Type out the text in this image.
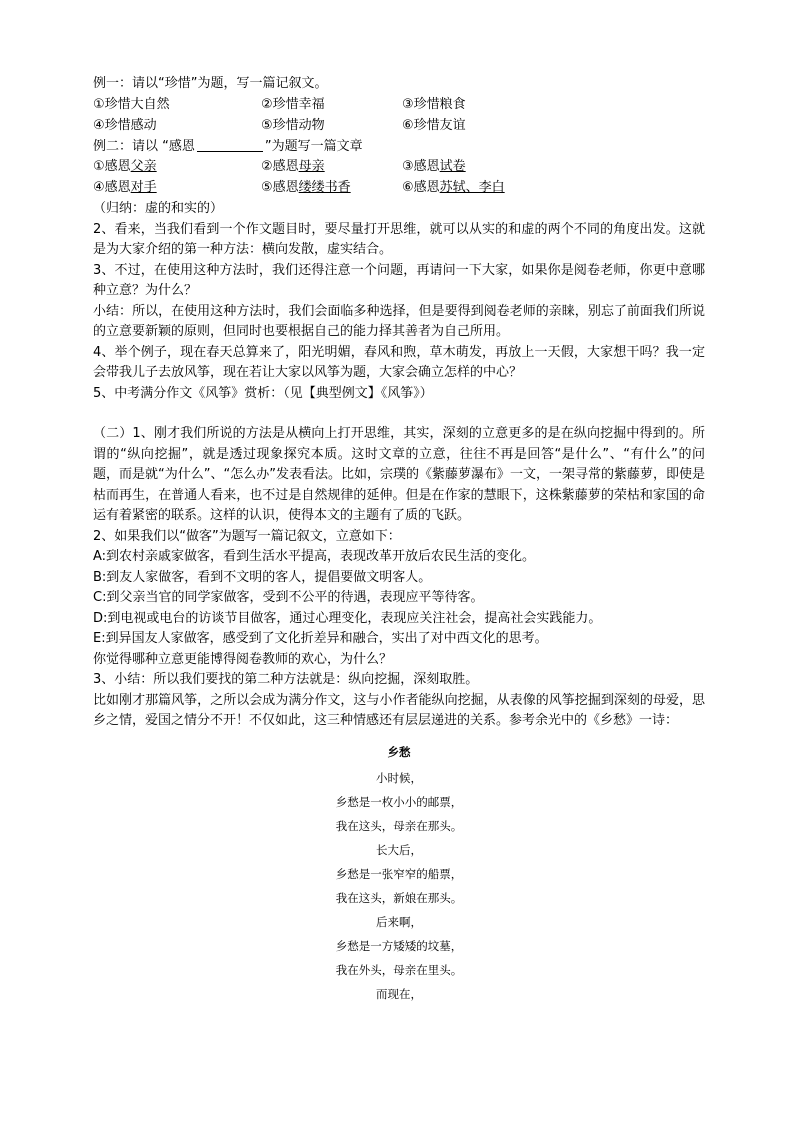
例一：请以“珍惜”为题，写一篇记叙文。
①珍惜大自然	②珍惜幸福	③珍惜粮食
④珍惜感动	⑤珍惜动物	⑥珍惜友谊
例二：请以 “感恩	”为题写一篇文章
①感恩父亲	②感恩母亲	③感恩试卷
④感恩对手	⑤感恩缕缕书香	⑥感恩苏轼、李白
（归纳：虚的和实的）
2、看来，当我们看到一个作文题目时，要尽量打开思维，就可以从实的和虚的两个不同的角度出发。这就是为大家介绍的第一种方法：横向发散，虚实结合。
3、不过，在使用这种方法时，我们还得注意一个问题，再请问一下大家，如果你是阅卷老师，你更中意哪种立意？为什么？
小结：所以，在使用这种方法时，我们会面临多种选择，但是要得到阅卷老师的亲睐，别忘了前面我们所说的立意要新颖的原则，但同时也要根据自己的能力择其善者为自己所用。
4、举个例子，现在春天总算来了，阳光明媚，春风和煦，草木萌发，再放上一天假，大家想干吗？我一定会带我儿子去放风筝，现在若让大家以风筝为题，大家会确立怎样的中心？
5、中考满分作文《风筝》赏析：（见【典型例文】《风筝》）
（二）1、刚才我们所说的方法是从横向上打开思维，其实，深刻的立意更多的是在纵向挖掘中得到的。所谓的“纵向挖掘”，就是透过现象探究本质。这时文章的立意，往往不再是回答“是什么”、“有什么”的问题，而是就“为什么”、“怎么办”发表看法。比如，宗璞的《紫藤萝瀑布》一文，一架寻常的紫藤萝，即使是枯而再生，在普通人看来，也不过是自然规律的延伸。但是在作家的慧眼下，这株紫藤萝的荣枯和家国的命运有着紧密的联系。这样的认识，使得本文的主题有了质的飞跃。
2、如果我们以“做客”为题写一篇记叙文，立意如下：
A:到农村亲戚家做客，看到生活水平提高，表现改革开放后农民生活的变化。
B:到友人家做客，看到不文明的客人，提倡要做文明客人。
C:到父亲当官的同学家做客，受到不公平的待遇，表现应平等待客。
D:到电视或电台的访谈节目做客，通过心理变化，表现应关注社会，提高社会实践能力。
E:到异国友人家做客，感受到了文化折差异和融合，实出了对中西文化的思考。
你觉得哪种立意更能博得阅卷教师的欢心，为什么？
3、小结：所以我们要找的第二种方法就是：纵向挖掘，深刻取胜。
比如刚才那篇风筝，之所以会成为满分作文，这与小作者能纵向挖掘，从表像的风筝挖掘到深刻的母爱，思乡之情，爱国之情分不开！不仅如此，这三种情感还有层层递进的关系。参考余光中的《乡愁》一诗：
乡愁
小时候，
乡愁是一枚小小的邮票，
我在这头，母亲在那头。
长大后，
乡愁是一张窄窄的船票，
我在这头，新娘在那头。
后来啊，
乡愁是一方矮矮的坟墓，
我在外头，母亲在里头。
而现在，
